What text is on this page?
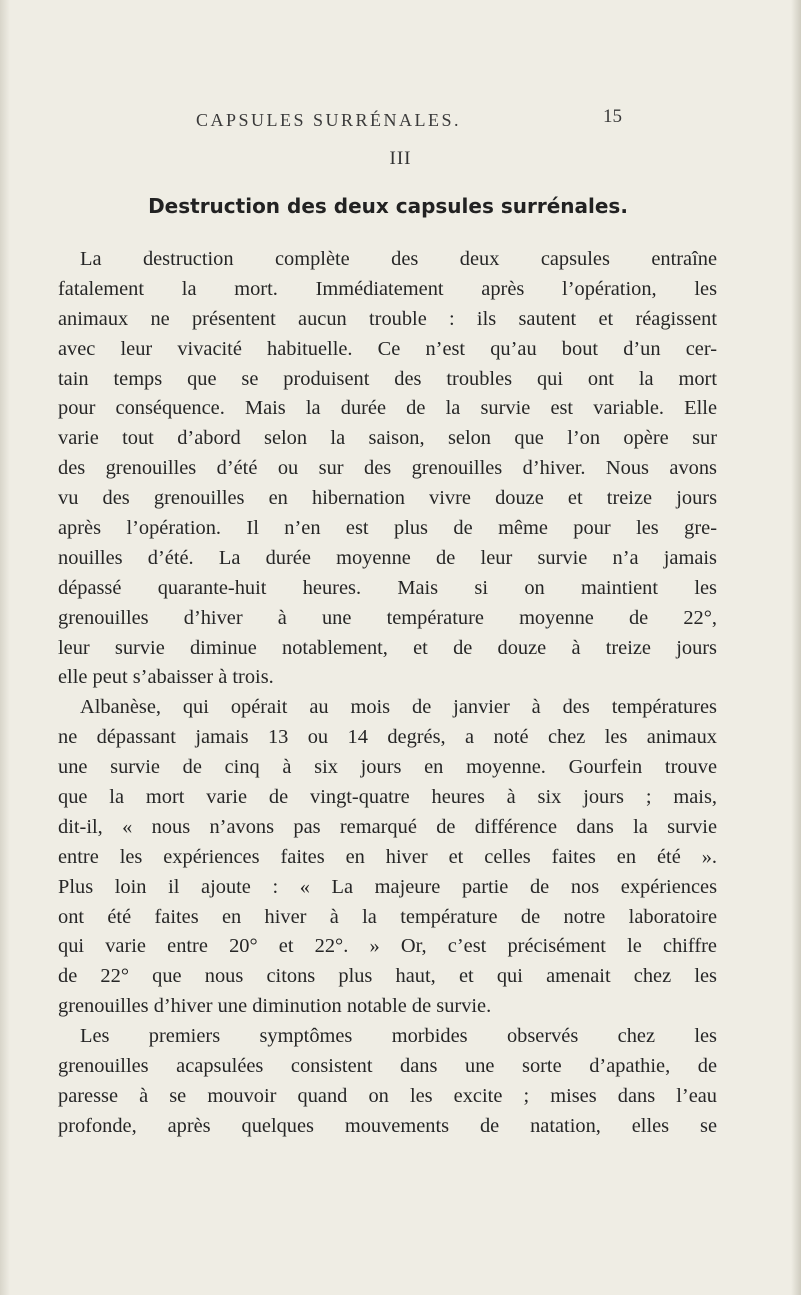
CAPSULES SURRÉNALES.	15
III
Destruction des deux capsules surrénales.
La destruction complète des deux capsules entraîne
fatalement la mort. Immédiatement après l’opération, les
animaux ne présentent aucun trouble : ils sautent et réagissent
avec leur vivacité habituelle. Ce n’est qu’au bout d’un cer-
tain temps que se produisent des troubles qui ont la mort
pour conséquence. Mais la durée de la survie est variable. Elle
varie tout d’abord selon la saison, selon que l’on opère sur
des grenouilles d’été ou sur des grenouilles d’hiver. Nous avons
vu des grenouilles en hibernation vivre douze et treize jours
après l’opération. Il n’en est plus de même pour les gre-
nouilles d’été. La durée moyenne de leur survie n’a jamais
dépassé quarante-huit heures. Mais si on maintient les
grenouilles d’hiver à une température moyenne de 22°,
leur survie diminue notablement, et de douze à treize jours
elle peut s’abaisser à trois.
Albanèse, qui opérait au mois de janvier à des températures
ne dépassant jamais 13 ou 14 degrés, a noté chez les animaux
une survie de cinq à six jours en moyenne. Gourfein trouve
que la mort varie de vingt-quatre heures à six jours ; mais,
dit-il, « nous n’avons pas remarqué de différence dans la survie
entre les expériences faites en hiver et celles faites en été ».
Plus loin il ajoute : « La majeure partie de nos expériences
ont été faites en hiver à la température de notre laboratoire
qui varie entre 20° et 22°. » Or, c’est précisément le chiffre
de 22° que nous citons plus haut, et qui amenait chez les
grenouilles d’hiver une diminution notable de survie.
Les premiers symptômes morbides observés chez les
grenouilles acapsulées consistent dans une sorte d’apathie, de
paresse à se mouvoir quand on les excite ; mises dans l’eau
profonde, après quelques mouvements de natation, elles se
